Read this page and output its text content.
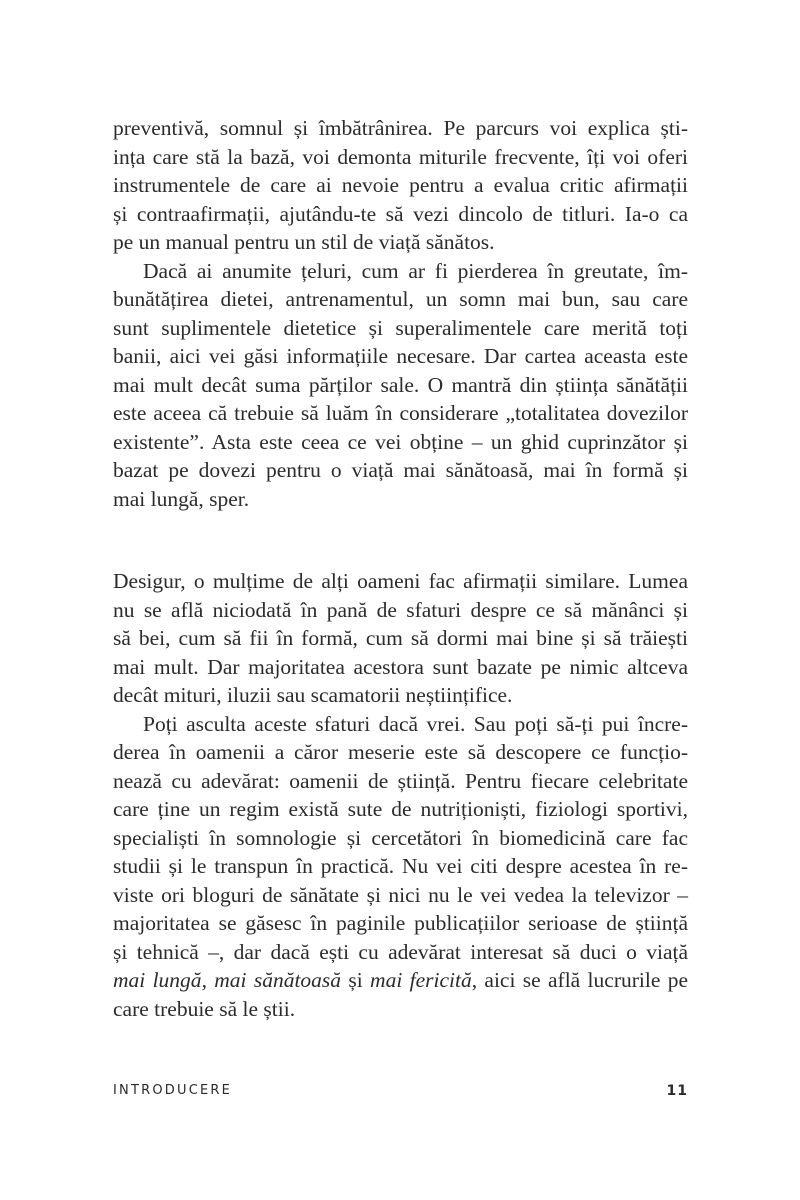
preventivă, somnul și îmbătrânirea. Pe parcurs voi explica ști-
ința care stă la bază, voi demonta miturile frecvente, îți voi oferi
instrumentele de care ai nevoie pentru a evalua critic afirmații
și contraafirmații, ajutându-te să vezi dincolo de titluri. Ia-o ca
pe un manual pentru un stil de viață sănătos.
Dacă ai anumite țeluri, cum ar fi pierderea în greutate, îm-
bunătățirea dietei, antrenamentul, un somn mai bun, sau care
sunt suplimentele dietetice și superalimentele care merită toți
banii, aici vei găsi informațiile necesare. Dar cartea aceasta este
mai mult decât suma părților sale. O mantră din știința sănătății
este aceea că trebuie să luăm în considerare „totalitatea dovezilor
existente”. Asta este ceea ce vei obține – un ghid cuprinzător și
bazat pe dovezi pentru o viață mai sănătoasă, mai în formă și
mai lungă, sper.
Desigur, o mulțime de alți oameni fac afirmații similare. Lumea
nu se află niciodată în pană de sfaturi despre ce să mănânci și
să bei, cum să fii în formă, cum să dormi mai bine și să trăiești
mai mult. Dar majoritatea acestora sunt bazate pe nimic altceva
decât mituri, iluzii sau scamatorii neștiințifice.
Poți asculta aceste sfaturi dacă vrei. Sau poți să-ți pui încre-
derea în oamenii a căror meserie este să descopere ce funcțio-
nează cu adevărat: oamenii de știință. Pentru fiecare celebritate
care ține un regim există sute de nutriționiști, fiziologi sportivi,
specialiști în somnologie și cercetători în biomedicină care fac
studii și le transpun în practică. Nu vei citi despre acestea în re-
viste ori bloguri de sănătate și nici nu le vei vedea la televizor –
majoritatea se găsesc în paginile publicațiilor serioase de știință
și tehnică –, dar dacă ești cu adevărat interesat să duci o viață
mai lungă, mai sănătoasă și mai fericită, aici se află lucrurile pe
care trebuie să le știi.
INTRODUCERE	11
